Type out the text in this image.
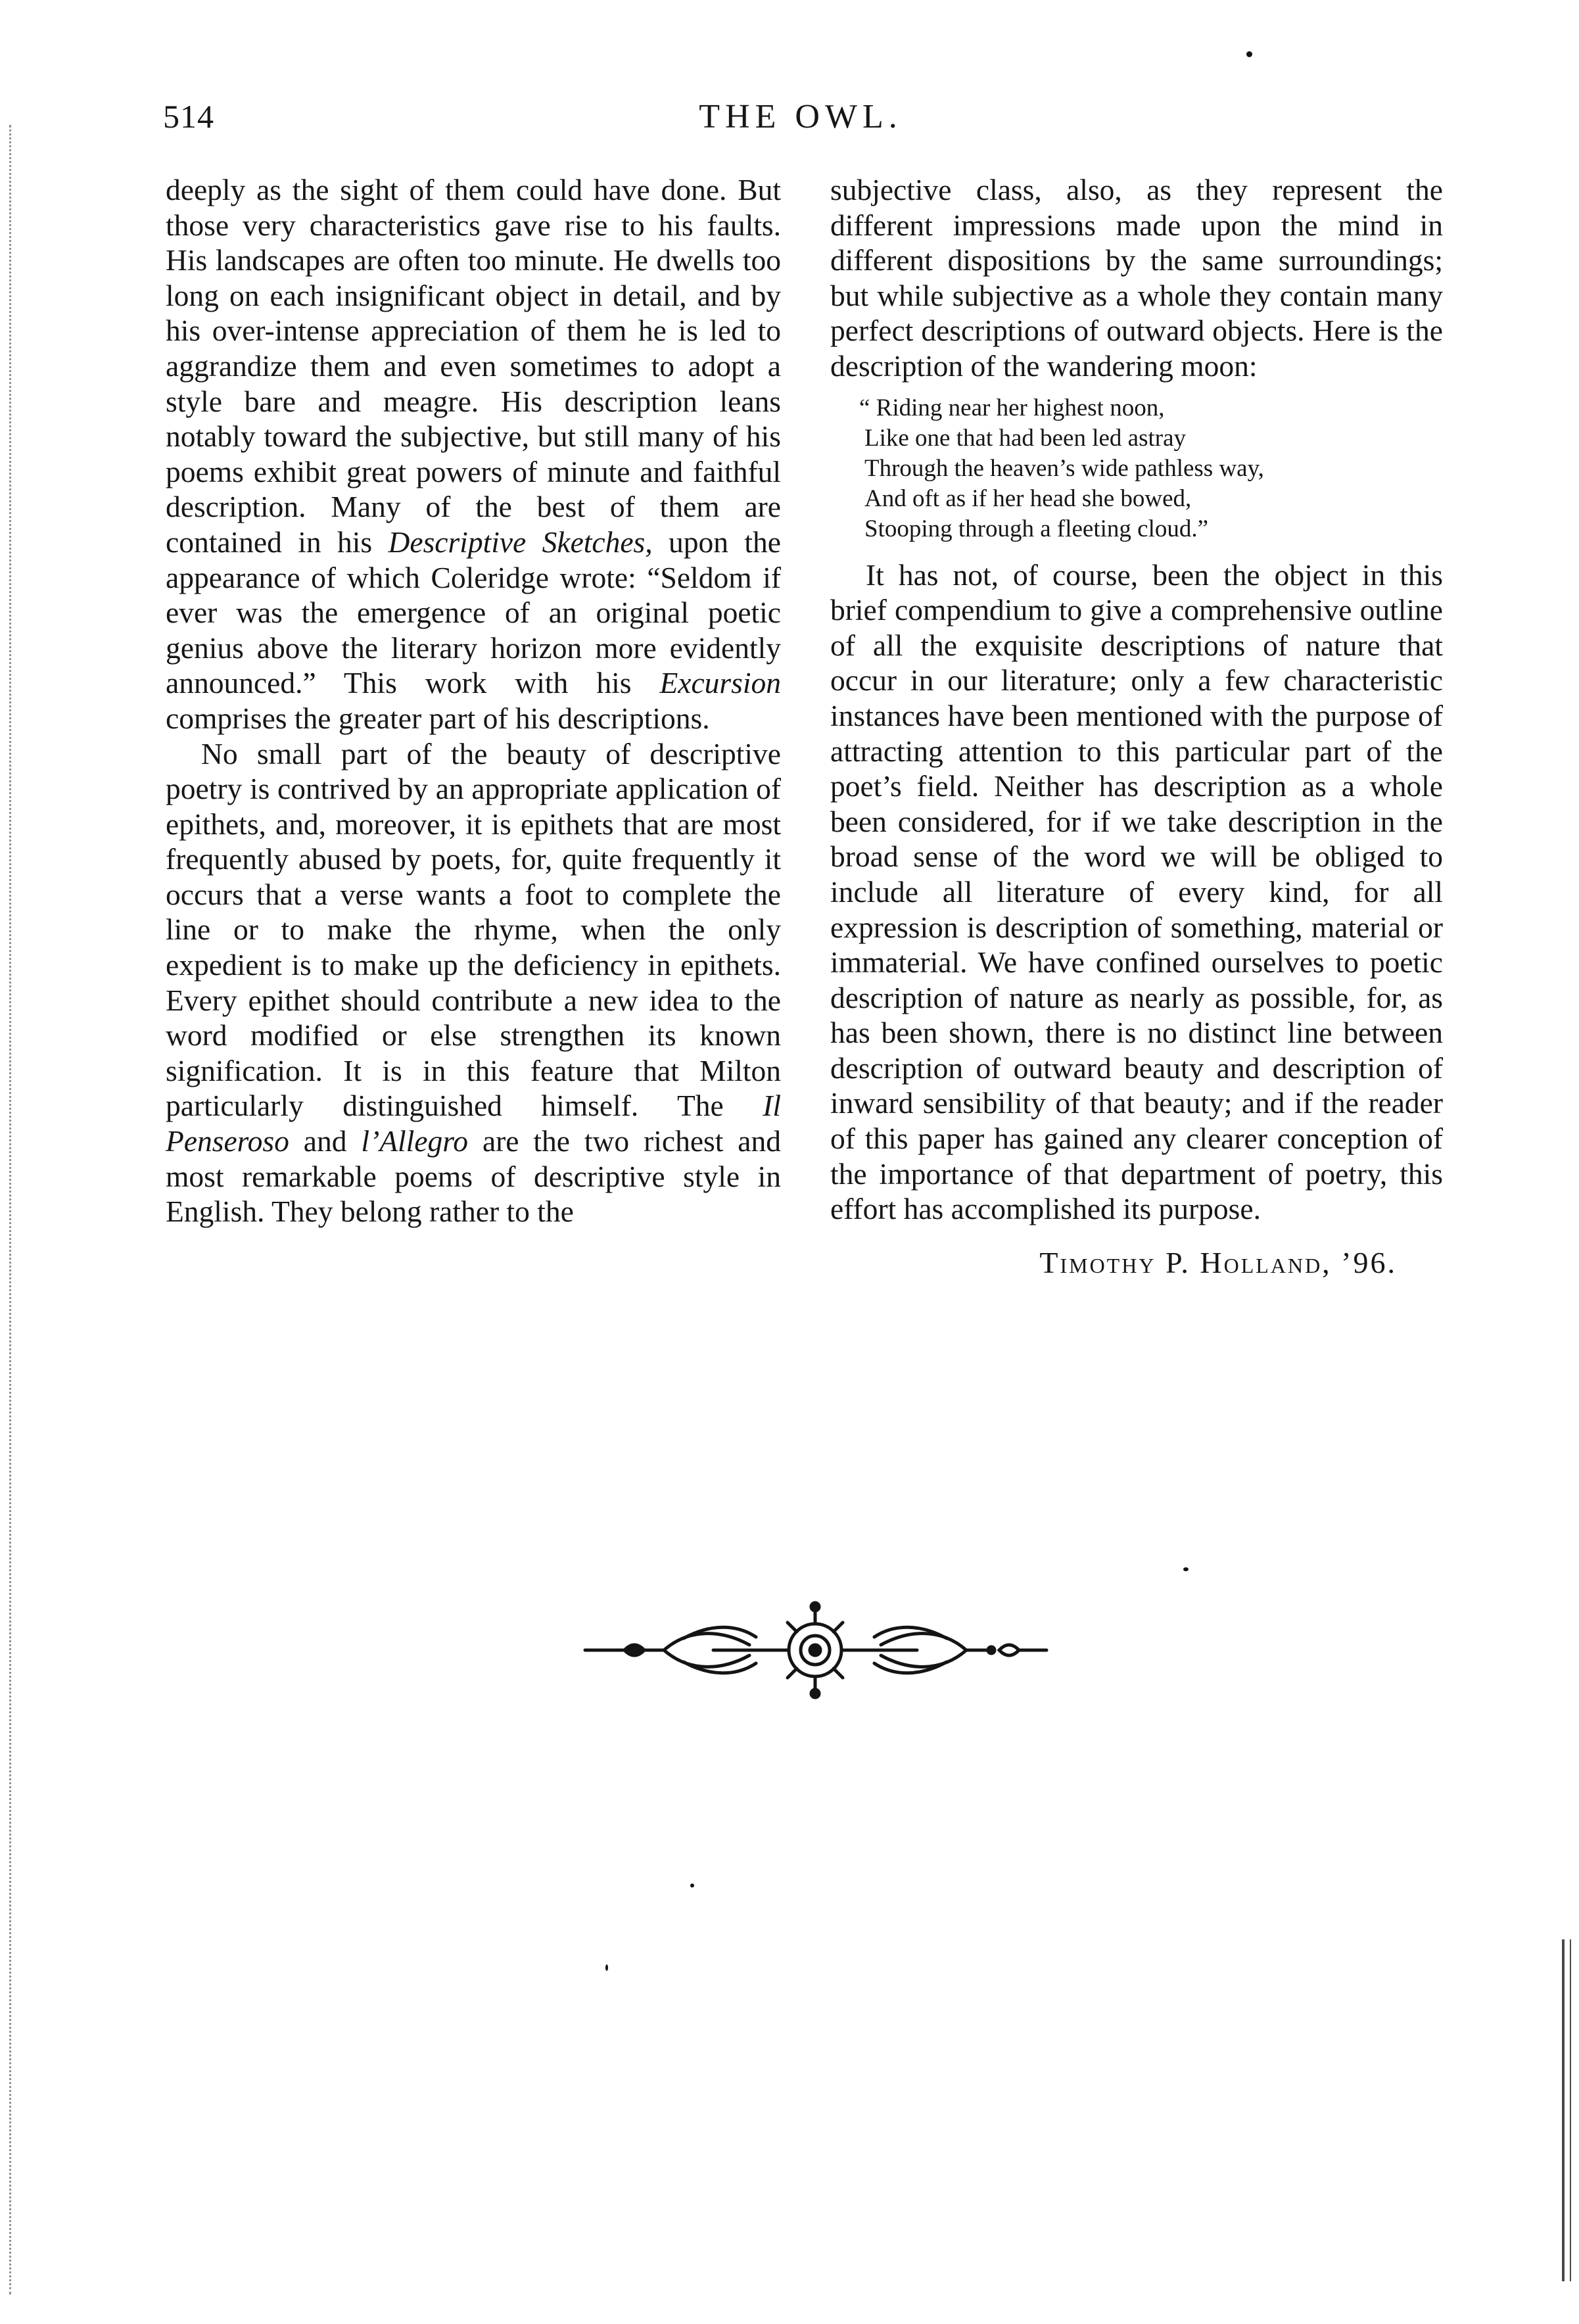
514	THE OWL.

deeply as the sight of them could have done. But those very characteristics gave rise to his faults. His landscapes are often too minute. He dwells too long on each insignificant object in detail, and by his over-intense appreciation of them he is led to aggrandize them and even sometimes to adopt a style bare and meagre. His description leans notably toward the subjective, but still many of his poems exhibit great powers of minute and faithful description. Many of the best of them are contained in his Descriptive Sketches, upon the appearance of which Coleridge wrote: “Seldom if ever was the emergence of an original poetic genius above the literary horizon more evidently announced.” This work with his Excursion comprises the greater part of his descriptions.

No small part of the beauty of descriptive poetry is contrived by an appropriate application of epithets, and, moreover, it is epithets that are most frequently abused by poets, for, quite frequently it occurs that a verse wants a foot to complete the line or to make the rhyme, when the only expedient is to make up the deficiency in epithets. Every epithet should contribute a new idea to the word modified or else strengthen its known signification. It is in this feature that Milton particularly distinguished himself. The Il Penseroso and l’Allegro are the two richest and most remarkable poems of descriptive style in English. They belong rather to the

subjective class, also, as they represent the different impressions made upon the mind in different dispositions by the same surroundings; but while subjective as a whole they contain many perfect descriptions of outward objects. Here is the description of the wandering moon:

“ Riding near her highest noon,
Like one that had been led astray
Through the heaven’s wide pathless way,
And oft as if her head she bowed,
Stooping through a fleeting cloud.”

It has not, of course, been the object in this brief compendium to give a comprehensive outline of all the exquisite descriptions of nature that occur in our literature; only a few characteristic instances have been mentioned with the purpose of attracting attention to this particular part of the poet’s field. Neither has description as a whole been considered, for if we take description in the broad sense of the word we will be obliged to include all literature of every kind, for all expression is description of something, material or immaterial. We have confined ourselves to poetic description of nature as nearly as possible, for, as has been shown, there is no distinct line between description of outward beauty and description of inward sensibility of that beauty; and if the reader of this paper has gained any clearer conception of the importance of that department of poetry, this effort has accomplished its purpose.

Timothy P. Holland, ’96.
